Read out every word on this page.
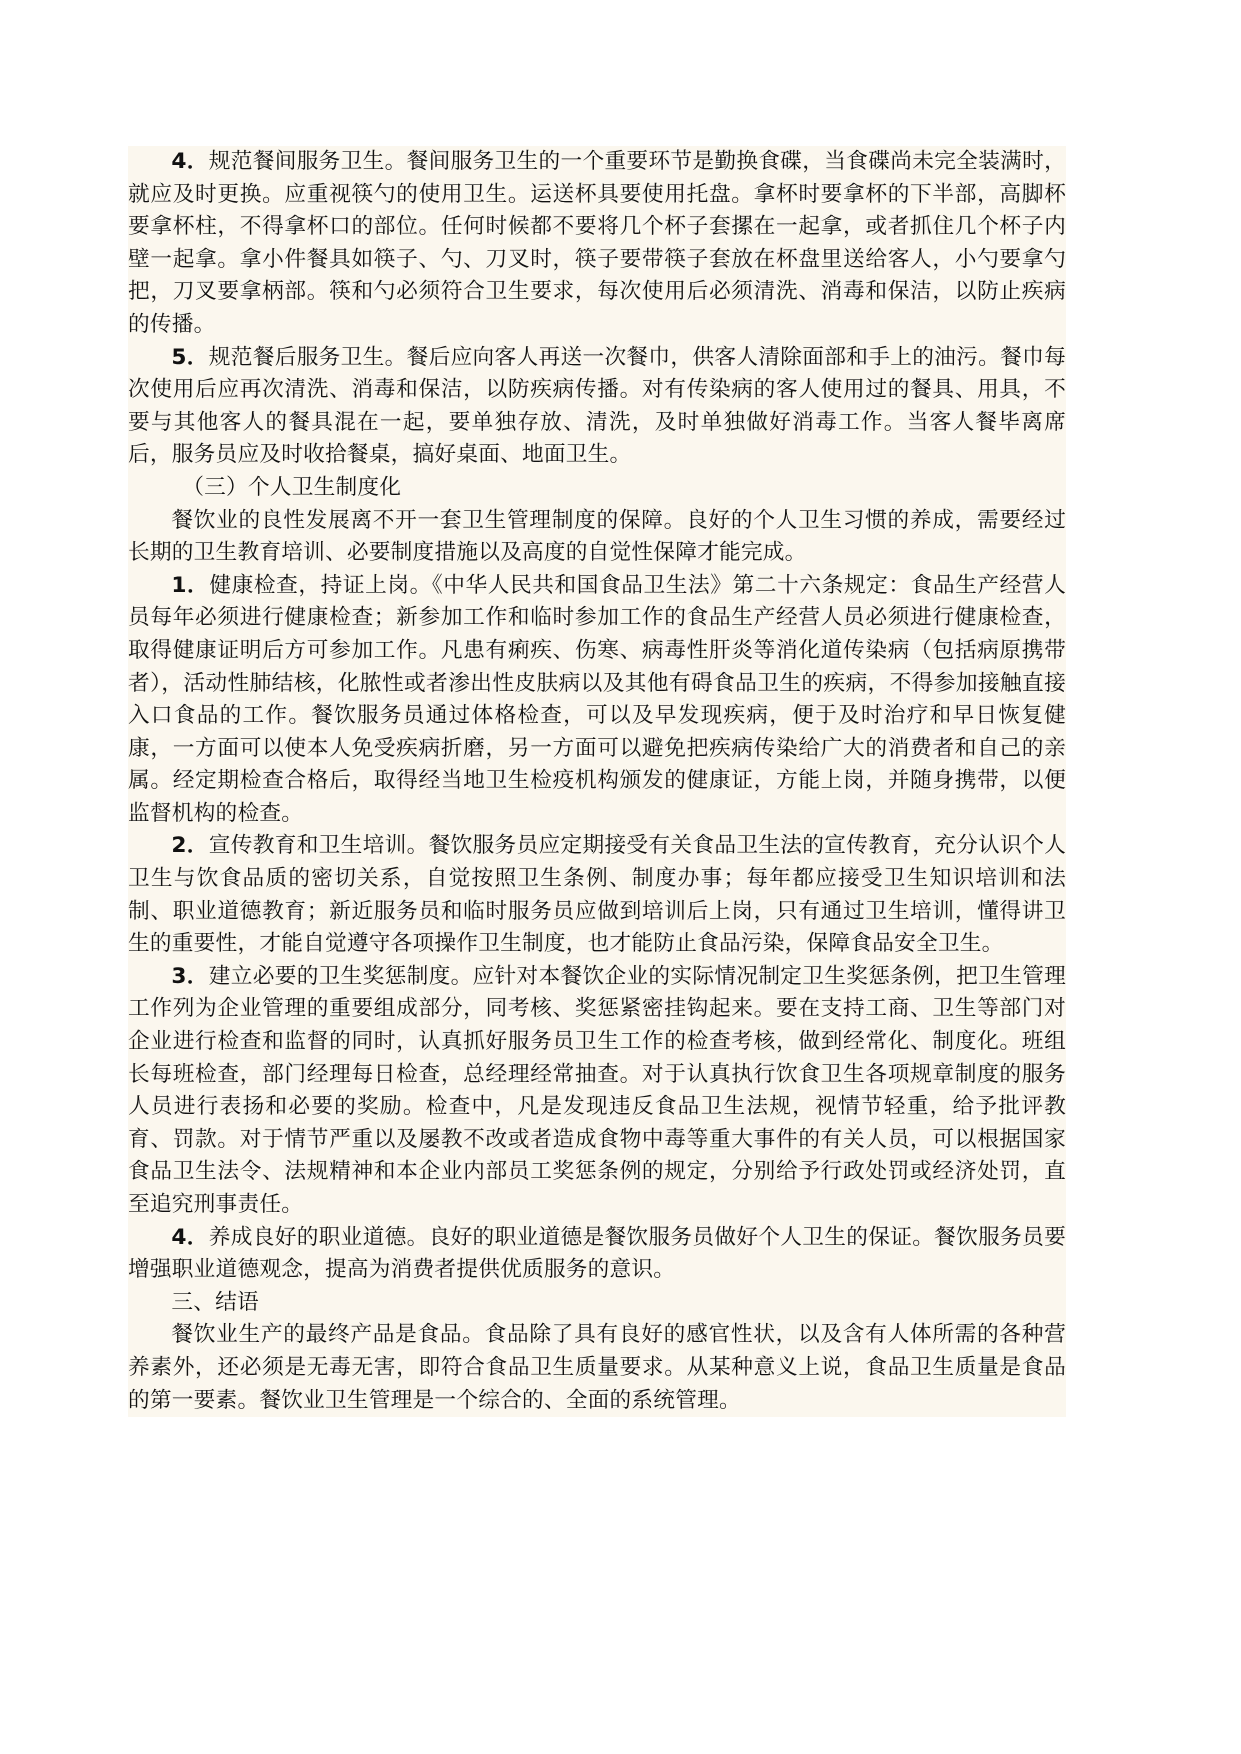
4．规范餐间服务卫生。餐间服务卫生的一个重要环节是勤换食碟，当食碟尚未完全装满时，就应及时更换。应重视筷勺的使用卫生。运送杯具要使用托盘。拿杯时要拿杯的下半部，高脚杯要拿杯柱，不得拿杯口的部位。任何时候都不要将几个杯子套摞在一起拿，或者抓住几个杯子内壁一起拿。拿小件餐具如筷子、勺、刀叉时，筷子要带筷子套放在杯盘里送给客人，小勺要拿勺把，刀叉要拿柄部。筷和勺必须符合卫生要求，每次使用后必须清洗、消毒和保洁，以防止疾病的传播。

5．规范餐后服务卫生。餐后应向客人再送一次餐巾，供客人清除面部和手上的油污。餐巾每次使用后应再次清洗、消毒和保洁，以防疾病传播。对有传染病的客人使用过的餐具、用具，不要与其他客人的餐具混在一起，要单独存放、清洗，及时单独做好消毒工作。当客人餐毕离席后，服务员应及时收拾餐桌，搞好桌面、地面卫生。

（三）个人卫生制度化

餐饮业的良性发展离不开一套卫生管理制度的保障。良好的个人卫生习惯的养成，需要经过长期的卫生教育培训、必要制度措施以及高度的自觉性保障才能完成。

1．健康检查，持证上岗。《中华人民共和国食品卫生法》第二十六条规定：食品生产经营人员每年必须进行健康检查；新参加工作和临时参加工作的食品生产经营人员必须进行健康检查，取得健康证明后方可参加工作。凡患有痢疾、伤寒、病毒性肝炎等消化道传染病（包括病原携带者），活动性肺结核，化脓性或者渗出性皮肤病以及其他有碍食品卫生的疾病，不得参加接触直接入口食品的工作。餐饮服务员通过体格检查，可以及早发现疾病，便于及时治疗和早日恢复健康，一方面可以使本人免受疾病折磨，另一方面可以避免把疾病传染给广大的消费者和自己的亲属。经定期检查合格后，取得经当地卫生检疫机构颁发的健康证，方能上岗，并随身携带，以便监督机构的检查。

2．宣传教育和卫生培训。餐饮服务员应定期接受有关食品卫生法的宣传教育，充分认识个人卫生与饮食品质的密切关系，自觉按照卫生条例、制度办事；每年都应接受卫生知识培训和法制、职业道德教育；新近服务员和临时服务员应做到培训后上岗，只有通过卫生培训，懂得讲卫生的重要性，才能自觉遵守各项操作卫生制度，也才能防止食品污染，保障食品安全卫生。

3．建立必要的卫生奖惩制度。应针对本餐饮企业的实际情况制定卫生奖惩条例，把卫生管理工作列为企业管理的重要组成部分，同考核、奖惩紧密挂钩起来。要在支持工商、卫生等部门对企业进行检查和监督的同时，认真抓好服务员卫生工作的检查考核，做到经常化、制度化。班组长每班检查，部门经理每日检查，总经理经常抽查。对于认真执行饮食卫生各项规章制度的服务人员进行表扬和必要的奖励。检查中，凡是发现违反食品卫生法规，视情节轻重，给予批评教育、罚款。对于情节严重以及屡教不改或者造成食物中毒等重大事件的有关人员，可以根据国家食品卫生法令、法规精神和本企业内部员工奖惩条例的规定，分别给予行政处罚或经济处罚，直至追究刑事责任。

4．养成良好的职业道德。良好的职业道德是餐饮服务员做好个人卫生的保证。餐饮服务员要增强职业道德观念，提高为消费者提供优质服务的意识。

三、结语

餐饮业生产的最终产品是食品。食品除了具有良好的感官性状，以及含有人体所需的各种营养素外，还必须是无毒无害，即符合食品卫生质量要求。从某种意义上说，食品卫生质量是食品的第一要素。餐饮业卫生管理是一个综合的、全面的系统管理。
